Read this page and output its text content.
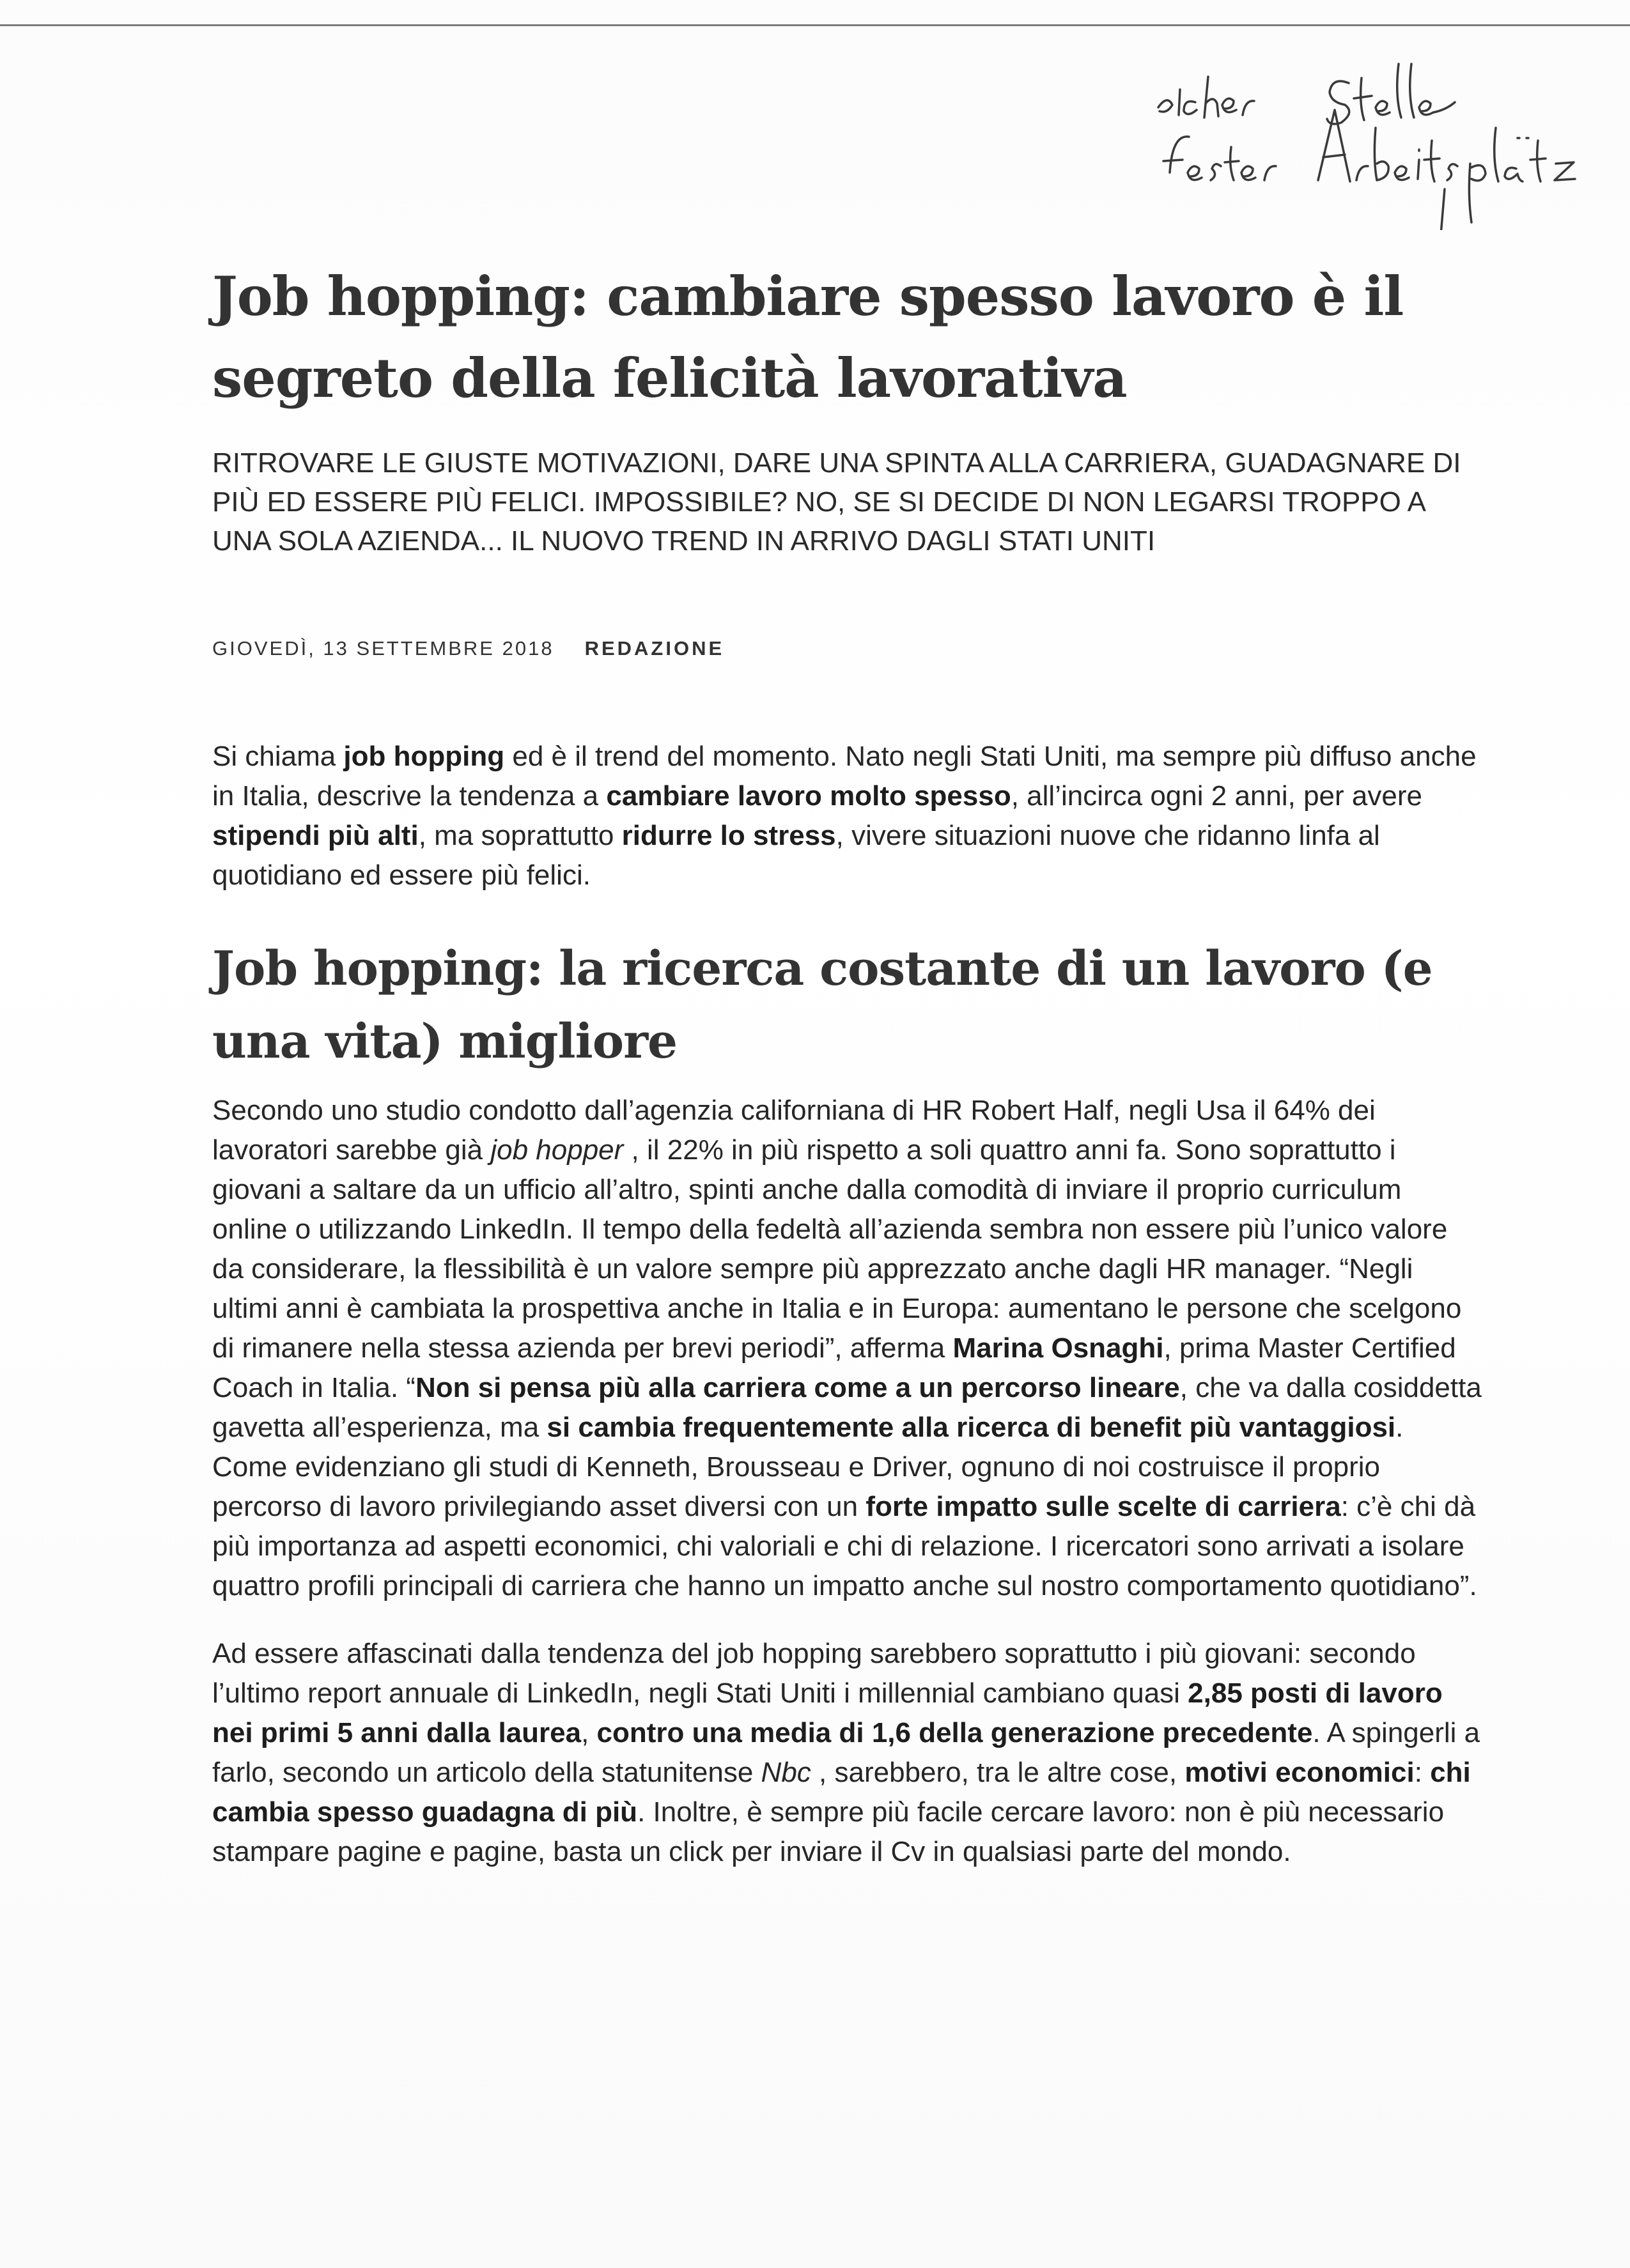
Job hopping: cambiare spesso lavoro è il segreto della felicità lavorativa
RITROVARE LE GIUSTE MOTIVAZIONI, DARE UNA SPINTA ALLA CARRIERA, GUADAGNARE DI PIÙ ED ESSERE PIÙ FELICI. IMPOSSIBILE? NO, SE SI DECIDE DI NON LEGARSI TROPPO A UNA SOLA AZIENDA... IL NUOVO TREND IN ARRIVO DAGLI STATI UNITI
GIOVEDÌ, 13 SETTEMBRE 2018 REDAZIONE

Si chiama job hopping ed è il trend del momento. Nato negli Stati Uniti, ma sempre più diffuso anche in Italia, descrive la tendenza a cambiare lavoro molto spesso, all’incirca ogni 2 anni, per avere stipendi più alti, ma soprattutto ridurre lo stress, vivere situazioni nuove che ridanno linfa al quotidiano ed essere più felici.

Job hopping: la ricerca costante di un lavoro (e una vita) migliore

Secondo uno studio condotto dall’agenzia californiana di HR Robert Half, negli Usa il 64% dei lavoratori sarebbe già job hopper , il 22% in più rispetto a soli quattro anni fa. Sono soprattutto i giovani a saltare da un ufficio all’altro, spinti anche dalla comodità di inviare il proprio curriculum online o utilizzando LinkedIn. Il tempo della fedeltà all’azienda sembra non essere più l’unico valore da considerare, la flessibilità è un valore sempre più apprezzato anche dagli HR manager. “Negli ultimi anni è cambiata la prospettiva anche in Italia e in Europa: aumentano le persone che scelgono di rimanere nella stessa azienda per brevi periodi”, afferma Marina Osnaghi, prima Master Certified Coach in Italia. “Non si pensa più alla carriera come a un percorso lineare, che va dalla cosiddetta gavetta all’esperienza, ma si cambia frequentemente alla ricerca di benefit più vantaggiosi. Come evidenziano gli studi di Kenneth, Brousseau e Driver, ognuno di noi costruisce il proprio percorso di lavoro privilegiando asset diversi con un forte impatto sulle scelte di carriera: c’è chi dà più importanza ad aspetti economici, chi valoriali e chi di relazione. I ricercatori sono arrivati a isolare quattro profili principali di carriera che hanno un impatto anche sul nostro comportamento quotidiano”.

Ad essere affascinati dalla tendenza del job hopping sarebbero soprattutto i più giovani: secondo l’ultimo report annuale di LinkedIn, negli Stati Uniti i millennial cambiano quasi 2,85 posti di lavoro nei primi 5 anni dalla laurea, contro una media di 1,6 della generazione precedente. A spingerli a farlo, secondo un articolo della statunitense Nbc , sarebbero, tra le altre cose, motivi economici: chi cambia spesso guadagna di più. Inoltre, è sempre più facile cercare lavoro: non è più necessario stampare pagine e pagine, basta un click per inviare il Cv in qualsiasi parte del mondo.
